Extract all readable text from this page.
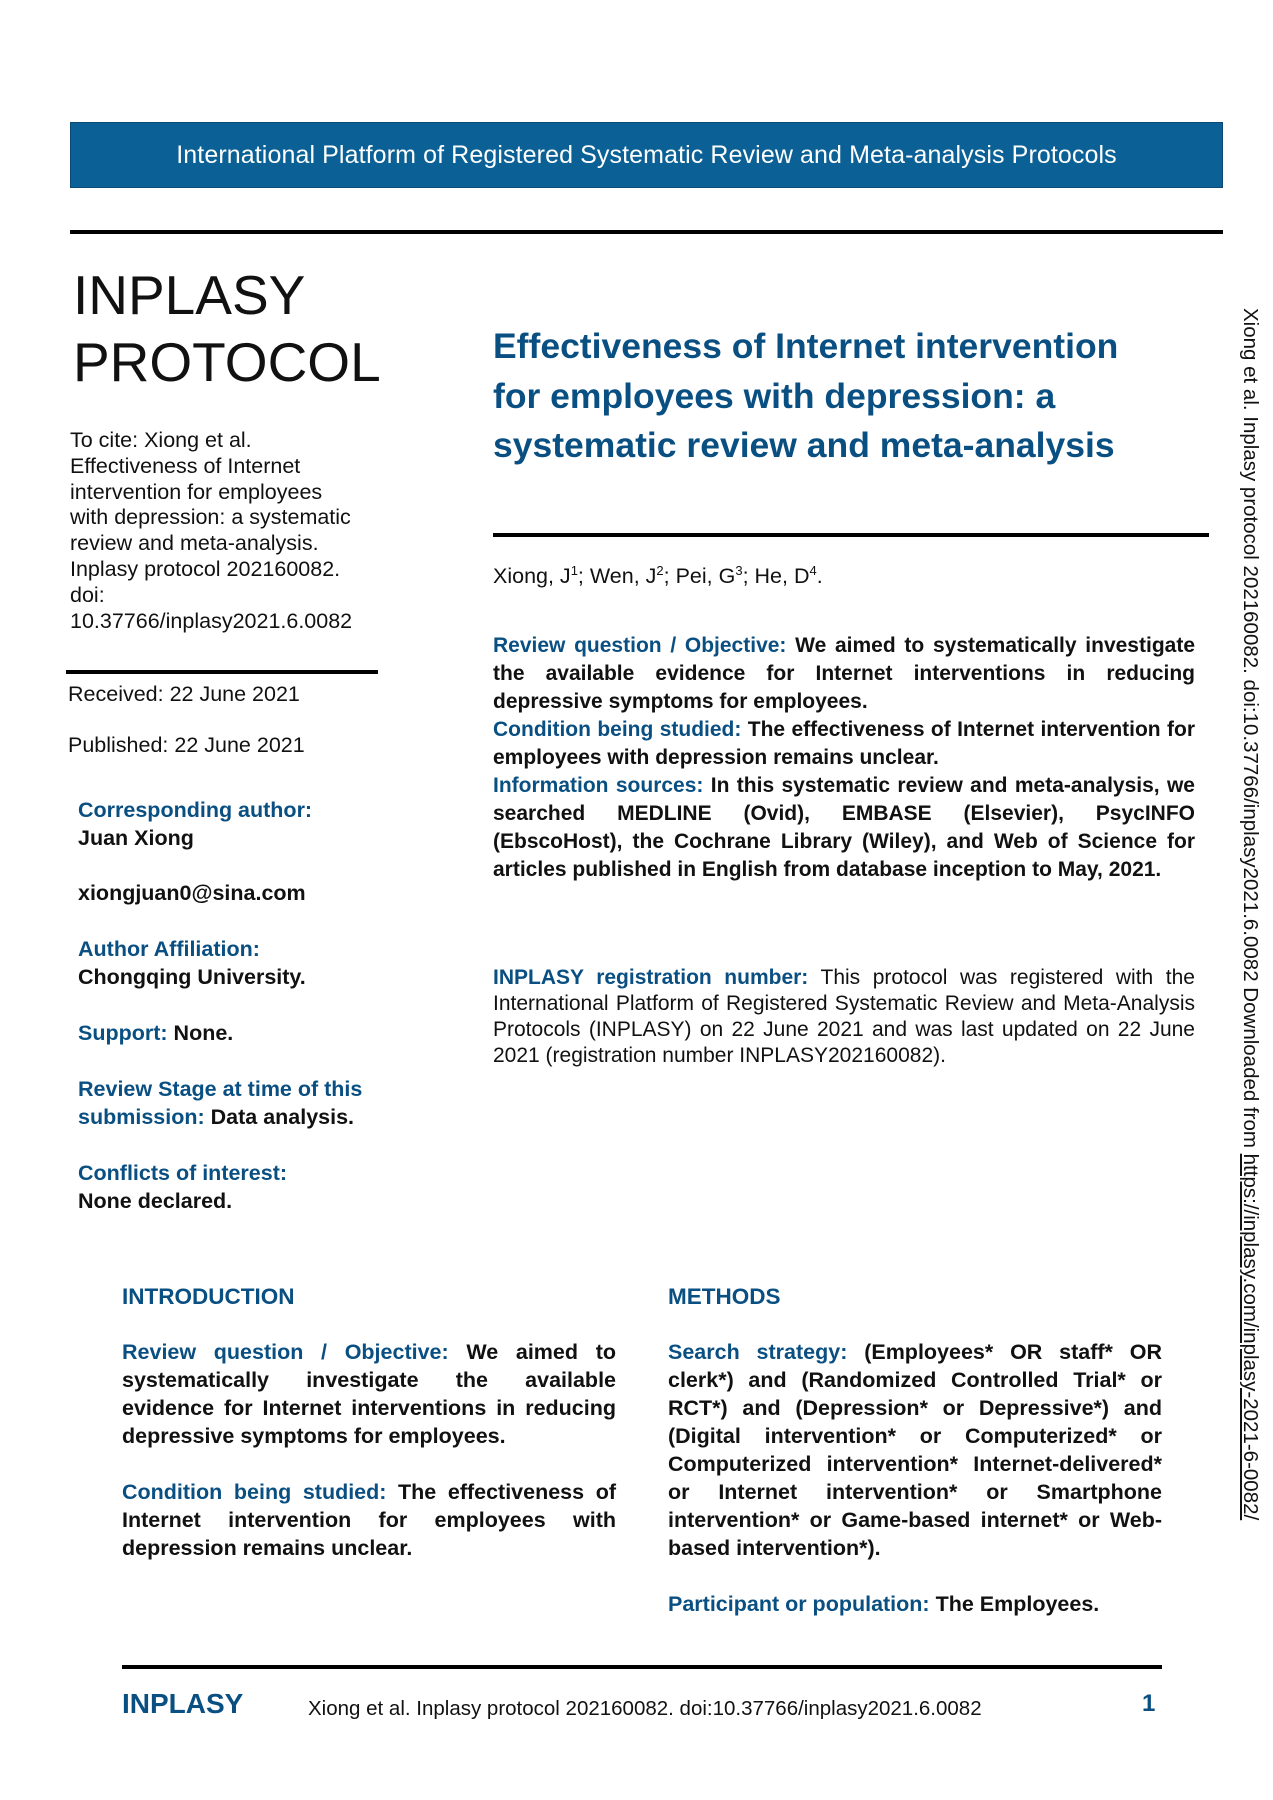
International Platform of Registered Systematic Review and Meta-analysis Protocols
INPLASY
PROTOCOL
To cite: Xiong et al.
Effectiveness of Internet
intervention for employees
with depression: a systematic
review and meta-analysis.
Inplasy protocol 202160082.
doi:
10.37766/inplasy2021.6.0082
Received: 22 June 2021
Published: 22 June 2021
Corresponding author:
Juan Xiong
xiongjuan0@sina.com
Author Affiliation:
Chongqing University.
Support: None.
Review Stage at time of this
submission: Data analysis.
Conflicts of interest:
None declared.
Effectiveness of Internet intervention
for employees with depression: a
systematic review and meta-analysis
Xiong, $J^1$; Wen, $J^2$; Pei, $G^3$; He, $D^4$.

Review question / Objective: We aimed to systematically investigate the available evidence for Internet interventions in reducing depressive symptoms for employees.

Condition being studied: The effectiveness of Internet intervention for employees with depression remains unclear.

Information sources: In this systematic review and meta-analysis, we searched MEDLINE (Ovid), EMBASE (Elsevier), PsycINFO (EbscoHost), the Cochrane Library (Wiley), and Web of Science for articles published in English from database inception to May, 2021.

INPLASY registration number: This protocol was registered with the International Platform of Registered Systematic Review and Meta-Analysis Protocols (INPLASY) on 22 June 2021 and was last updated on 22 June 2021 (registration number INPLASY202160082).
INTRODUCTION

Review question / Objective: We aimed to systematically investigate the available evidence for Internet interventions in reducing depressive symptoms for employees.

Condition being studied: The effectiveness of Internet intervention for employees with depression remains unclear.

METHODS

Search strategy: (Employees* OR staff* OR clerk*) and (Randomized Controlled Trial* or RCT*) and (Depression* or Depressive*) and (Digital intervention* or Computerized* or Computerized intervention* Internet-delivered* or Internet intervention* or Smartphone intervention* or Game-based internet* or Web-based intervention*).

Participant or population: The Employees.

INPLASY	Xiong et al. Inplasy protocol 202160082. doi:10.37766/inplasy2021.6.0082	1
Xiong et al. Inplasy protocol 202160082. doi:10.37766/inplasy2021.6.0082 Downloaded from https://inplasy.com/inplasy-2021-6-0082/
